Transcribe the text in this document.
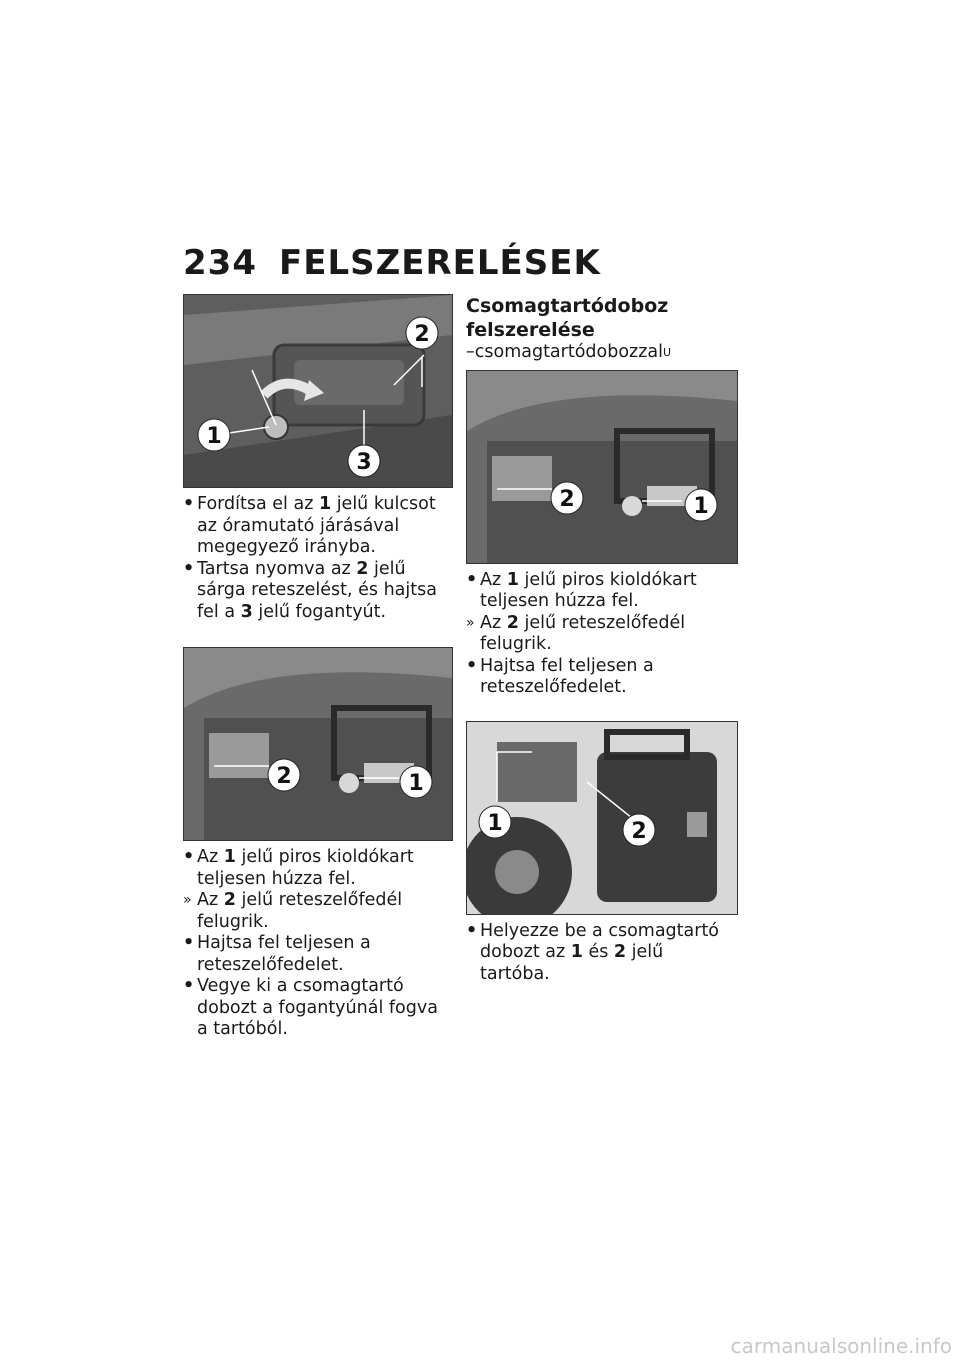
234 FELSZERELÉSEK
1
2
3
• Fordítsa el az 1 jelű kulcsot az óramutató járásával megegyező irányba.
• Tartsa nyomva az 2 jelű sárga reteszelést, és hajtsa fel a 3 jelű fogantyút.
2	1
• Az 1 jelű piros kioldókart teljesen húzza fel.
» Az 2 jelű reteszelőfedél felugrik.
• Hajtsa fel teljesen a reteszelőfedelet.
• Vegye ki a csomagtartó dobozt a fogantyúnál fogva a tartóból.

Csomagtartódoboz felszerelése

–csomagtartódobozzal$^U$

2	1
• Az 1 jelű piros kioldókart teljesen húzza fel.
» Az 2 jelű reteszelőfedél felugrik.
• Hajtsa fel teljesen a reteszelőfedelet.
1	2
• Helyezze be a csomagtartó dobozt az 1 és 2 jelű tartóba.
carmanualsonline.info
